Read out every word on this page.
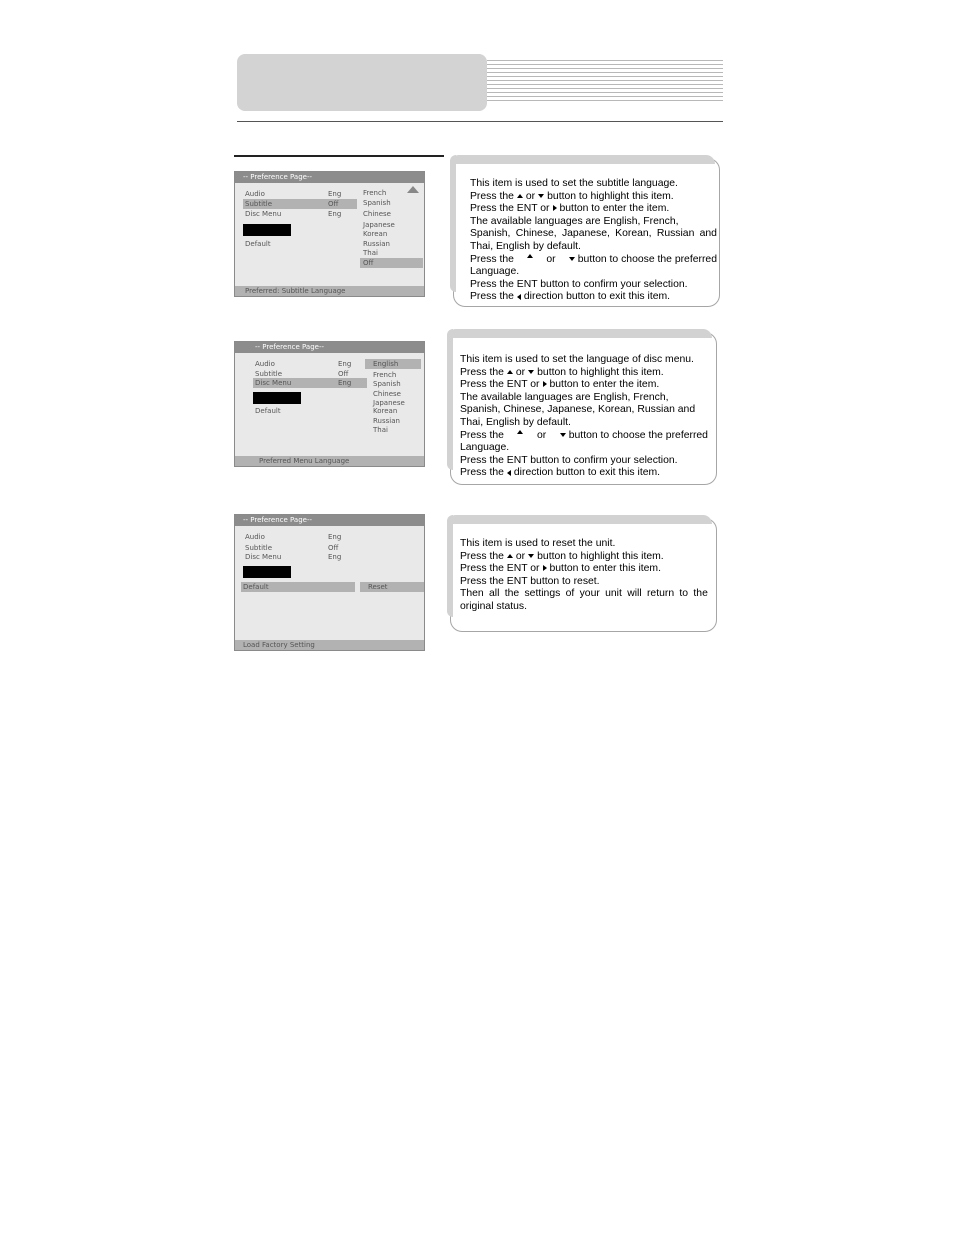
-- Preference Page--
Audio	Eng
Subtitle	Off
Disc Menu	Eng
Default
French
Spanish
Chinese
Japanese
Korean
Russian
Thai
Off
Preferred: Subtitle Language
-- Preference Page--
Audio	Eng
Subtitle	Off
Disc Menu	Eng
Default
English
French
Spanish
Chinese
Japanese
Korean
Russian
Thai
Preferred Menu Language
-- Preference Page--
Audio	Eng
Subtitle	Off
Disc Menu	Eng
Default	Reset
Load Factory Setting
This item is used to set the subtitle language.
Press the or button to highlight this item.
Press the ENT or button to enter the item.
The available languages are English, French,
Spanish, Chinese, Japanese, Korean, Russian and
Thai, English by default.
Press the	or	button to choose the preferred
Language.
Press the ENT button to confirm your selection.
Press the direction button to exit this item.
This item is used to set the language of disc menu.
Press the or button to highlight this item.
Press the ENT or button to enter the item.
The available languages are English, French,
Spanish, Chinese, Japanese, Korean, Russian and
Thai, English by default.
Press the	or	button to choose the preferred
Language.
Press the ENT button to confirm your selection.
Press the direction button to exit this item.
This item is used to reset the unit.
Press the or button to highlight this item.
Press the ENT or button to enter this item.
Press the ENT button to reset.
Then all the settings of your unit will return to the
original status.
